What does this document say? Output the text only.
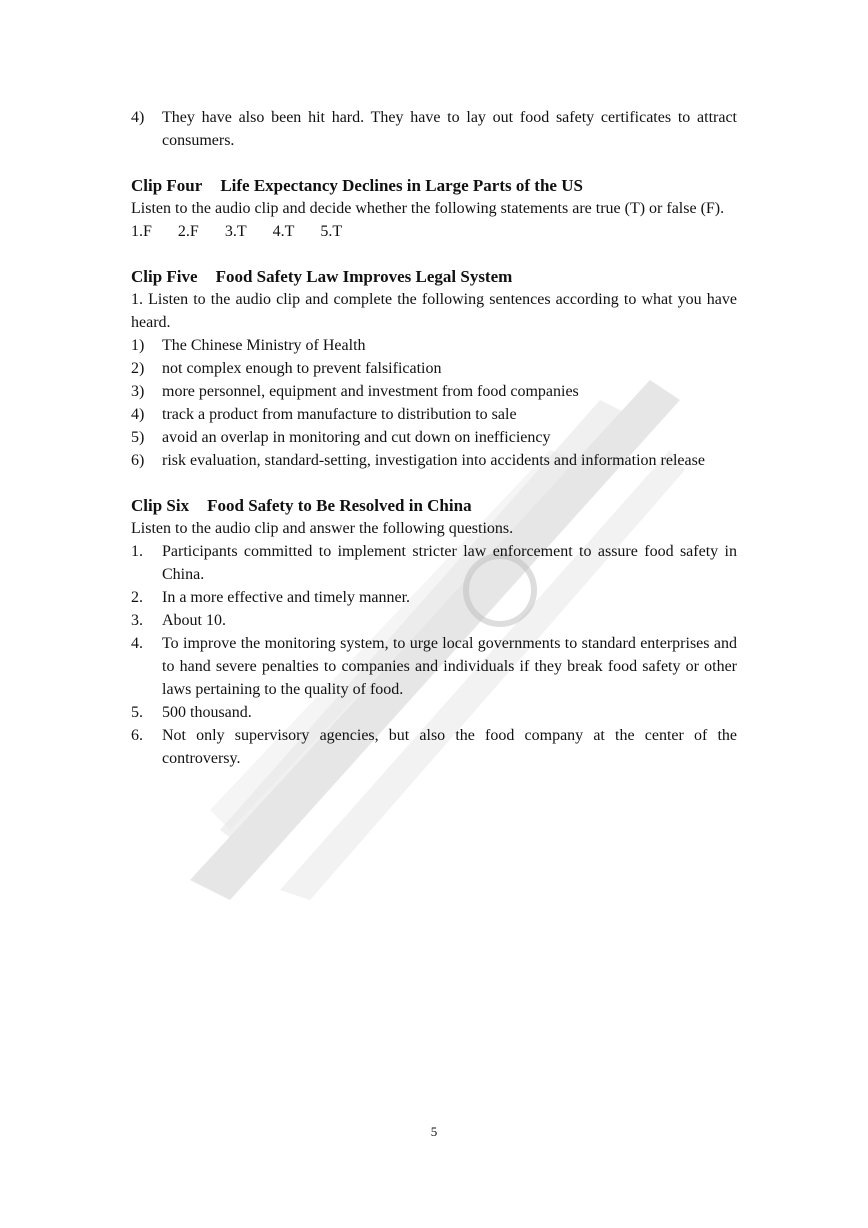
4)	They have also been hit hard. They have to lay out food safety certificates to attract consumers.

Clip Four Life Expectancy Declines in Large Parts of the US

Listen to the audio clip and decide whether the following statements are true (T) or false (F).

1.F 2.F 3.T 4.T 5.T

Clip Five Food Safety Law Improves Legal System

1. Listen to the audio clip and complete the following sentences according to what you have heard.

1)	The Chinese Ministry of Health
2)	not complex enough to prevent falsification
3)	more personnel, equipment and investment from food companies
4)	track a product from manufacture to distribution to sale
5)	avoid an overlap in monitoring and cut down on inefficiency
6)	risk evaluation, standard-setting, investigation into accidents and information release

Clip Six Food Safety to Be Resolved in China

Listen to the audio clip and answer the following questions.

1.	Participants committed to implement stricter law enforcement to assure food safety in China.
2.	In a more effective and timely manner.
3.	About 10.
4.	To improve the monitoring system, to urge local governments to standard enterprises and to hand severe penalties to companies and individuals if they break food safety or other laws pertaining to the quality of food.
5.	500 thousand.
6.	Not only supervisory agencies, but also the food company at the center of the controversy.
5
